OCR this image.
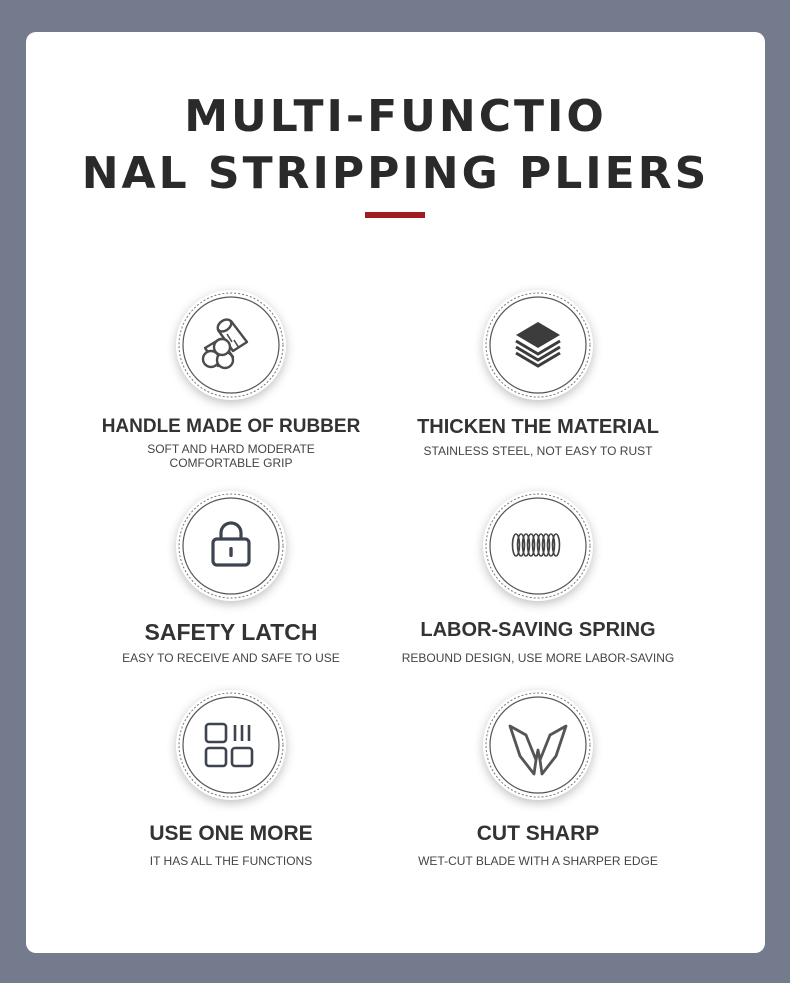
MULTI-FUNCTIO
NAL STRIPPING PLIERS
HANDLE MADE OF RUBBER
SOFT AND HARD MODERATE
COMFORTABLE GRIP
THICKEN THE MATERIAL
STAINLESS STEEL, NOT EASY TO RUST
SAFETY LATCH
EASY TO RECEIVE AND SAFE TO USE
LABOR-SAVING SPRING
REBOUND DESIGN, USE MORE LABOR-SAVING
USE ONE MORE
IT HAS ALL THE FUNCTIONS
CUT SHARP
WET-CUT BLADE WITH A SHARPER EDGE
